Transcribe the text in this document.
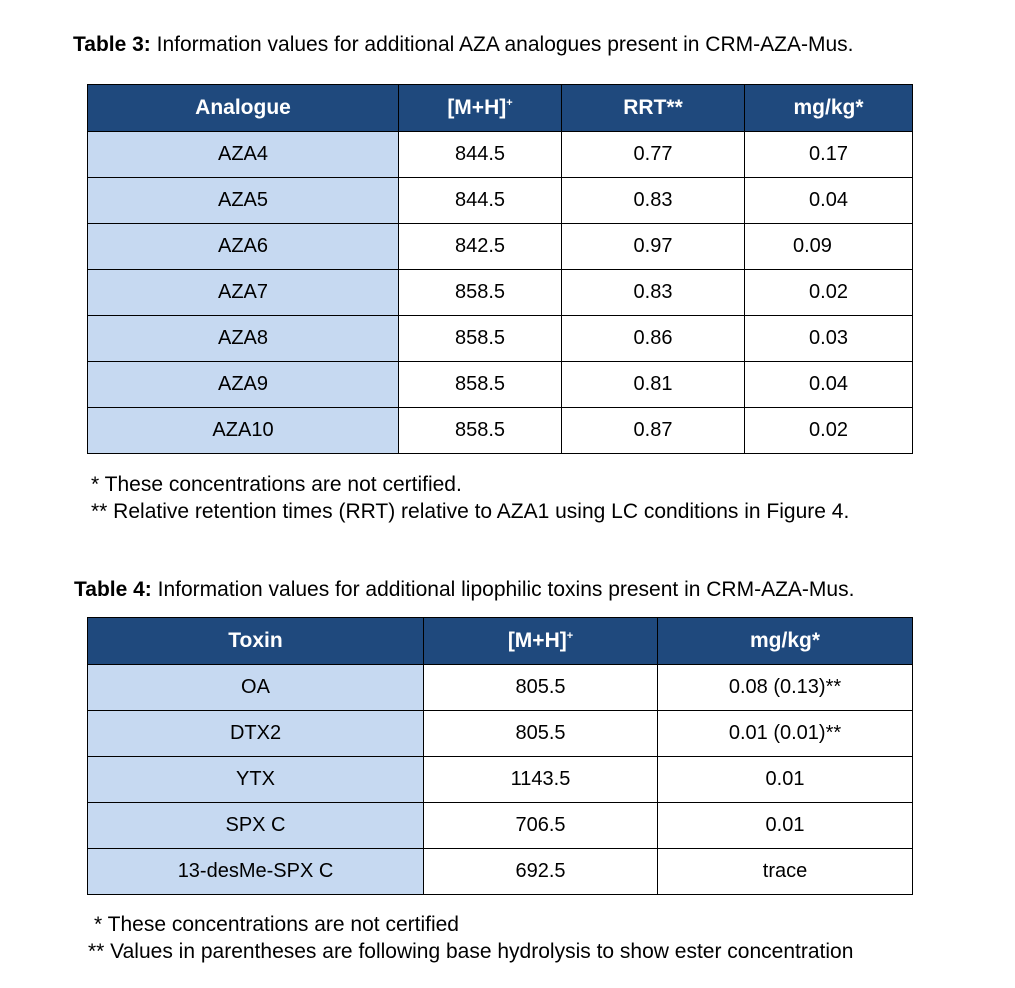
Table 3: Information values for additional AZA analogues present in CRM-AZA-Mus.
Analogue	[M+H]+	RRT**	mg/kg*
AZA4	844.5	0.77	0.17
AZA5	844.5	0.83	0.04
AZA6	842.5	0.97	0.09
AZA7	858.5	0.83	0.02
AZA8	858.5	0.86	0.03
AZA9	858.5	0.81	0.04
AZA10	858.5	0.87	0.02
* These concentrations are not certified.
** Relative retention times (RRT) relative to AZA1 using LC conditions in Figure 4.
Table 4: Information values for additional lipophilic toxins present in CRM-AZA-Mus.
Toxin	[M+H]+	mg/kg*
OA	805.5	0.08 (0.13)**
DTX2	805.5	0.01 (0.01)**
YTX	1143.5	0.01
SPX C	706.5	0.01
13-desMe-SPX C	692.5	trace
* These concentrations are not certified
** Values in parentheses are following base hydrolysis to show ester concentration
